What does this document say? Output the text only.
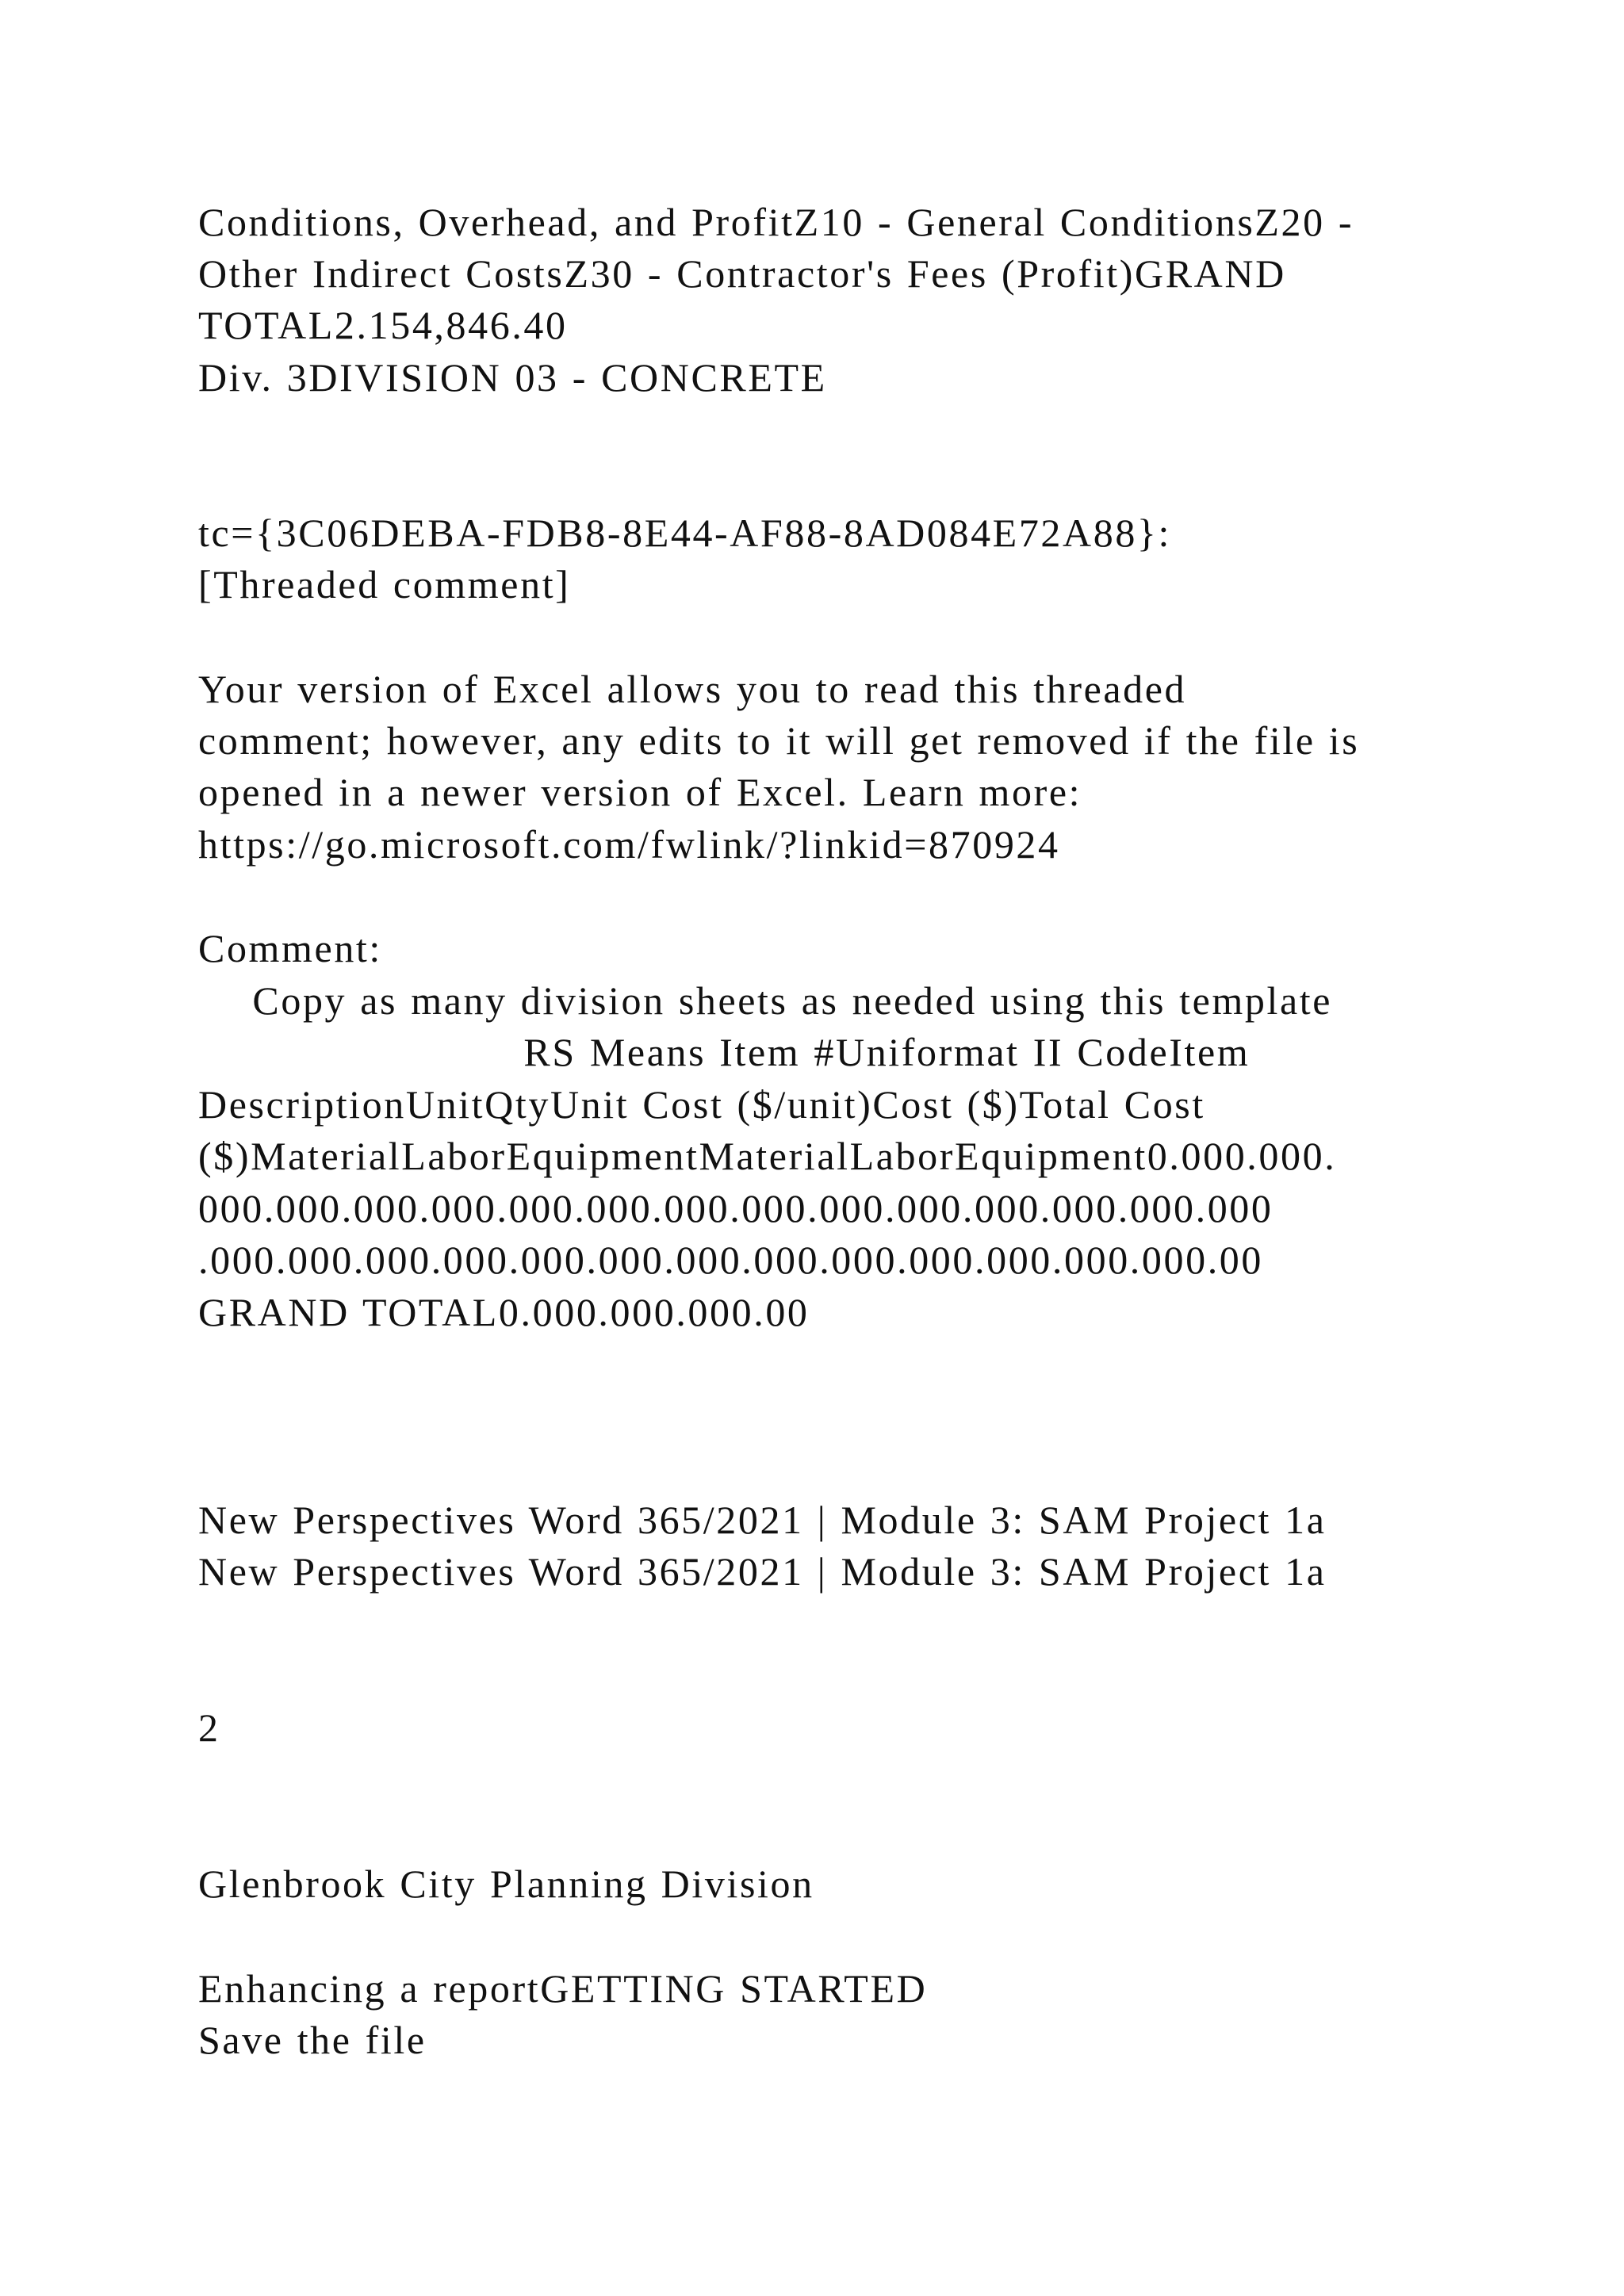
Conditions, Overhead, and ProfitZ10 - General ConditionsZ20 -
Other Indirect CostsZ30 - Contractor's Fees (Profit)GRAND
TOTAL2.154,846.40
Div. 3DIVISION 03 - CONCRETE
tc={3C06DEBA-FDB8-8E44-AF88-8AD084E72A88}:
[Threaded comment]
Your version of Excel allows you to read this threaded
comment; however, any edits to it will get removed if the file is
opened in a newer version of Excel. Learn more:
https://go.microsoft.com/fwlink/?linkid=870924
Comment:
Copy as many division sheets as needed using this template
RS Means Item #Uniformat II CodeItem
DescriptionUnitQtyUnit Cost ($/unit)Cost ($)Total Cost
($)MaterialLaborEquipmentMaterialLaborEquipment0.000.000.
000.000.000.000.000.000.000.000.000.000.000.000.000.000
.000.000.000.000.000.000.000.000.000.000.000.000.000.00
GRAND TOTAL0.000.000.000.00
New Perspectives Word 365/2021 | Module 3: SAM Project 1a
New Perspectives Word 365/2021 | Module 3: SAM Project 1a
2
Glenbrook City Planning Division
Enhancing a reportGETTING STARTED
Save the file
